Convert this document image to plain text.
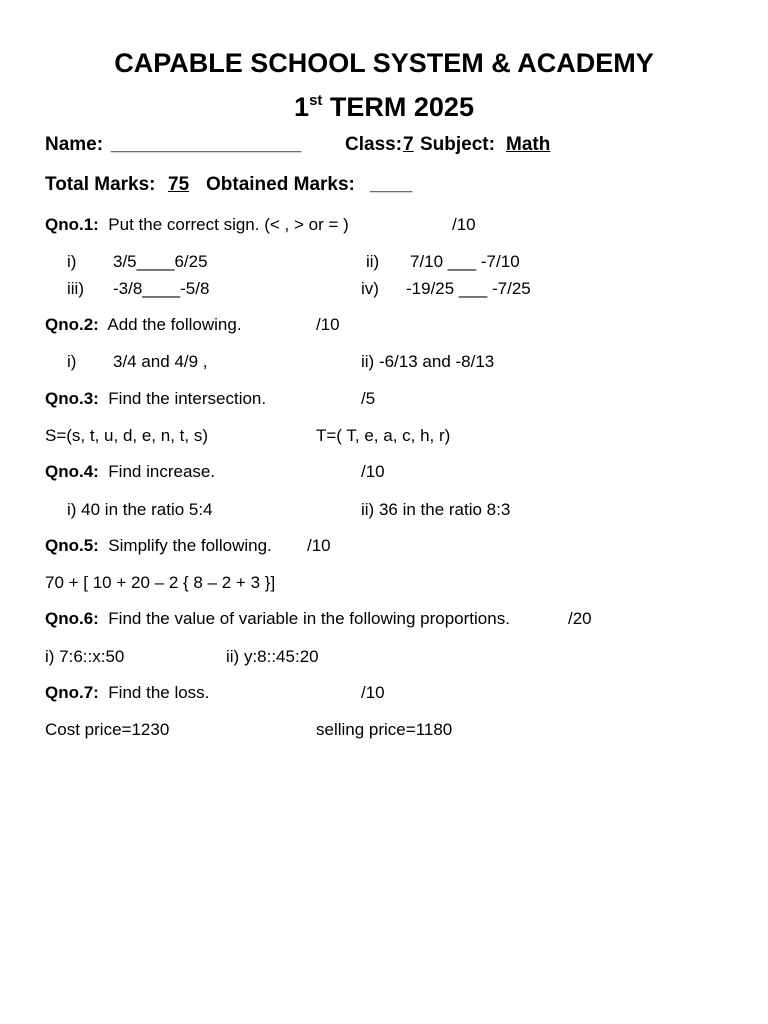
CAPABLE SCHOOL SYSTEM & ACADEMY
1st TERM 2025
Name: __________________ Class: 7 Subject: Math
Total Marks: 75 Obtained Marks: ____
Qno.1: Put the correct sign. (< , > or = )	/10
i) 3/5____6/25	ii) 7/10 ___ -7/10
iii) -3/8____-5/8	iv) -19/25 ___ -7/25
Qno.2: Add the following.	/10
i) 3/4 and 4/9 ,	ii) -6/13 and -8/13
Qno.3: Find the intersection.	/5
S=(s, t, u, d, e, n, t, s)	T=( T, e, a, c, h, r)
Qno.4: Find increase.	/10
i) 40 in the ratio 5:4	ii) 36 in the ratio 8:3
Qno.5: Simplify the following. /10
70 + [ 10 + 20 – 2 { 8 – 2 + 3 }]
Qno.6: Find the value of variable in the following proportions.	/20
i) 7:6::x:50	ii) y:8::45:20
Qno.7: Find the loss.	/10
Cost price=1230	selling price=1180
